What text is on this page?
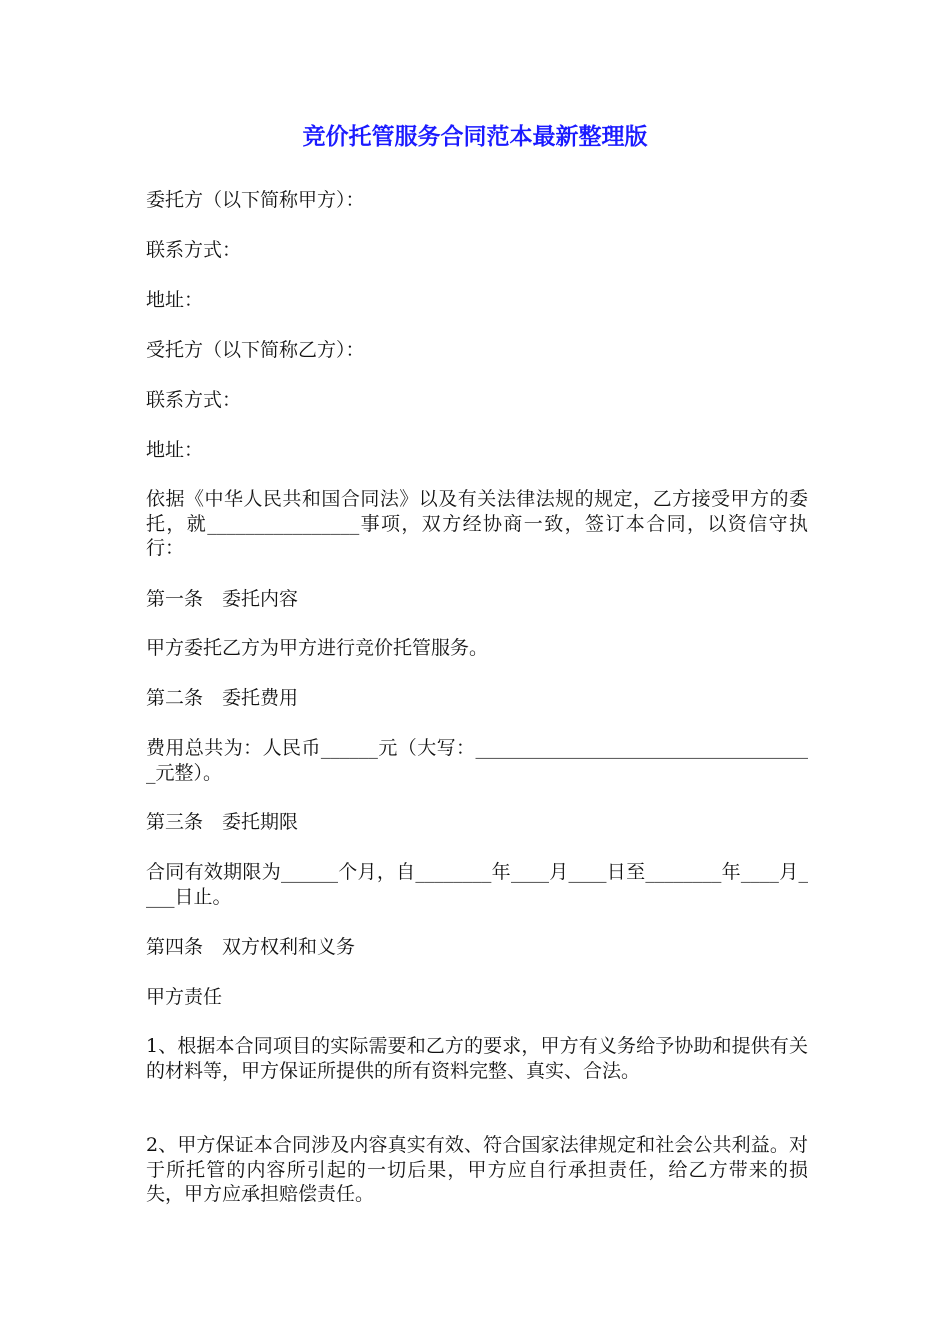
竞价托管服务合同范本最新整理版

委托方（以下简称甲方）：

联系方式：

地址：

受托方（以下简称乙方）：

联系方式：

地址：

依据《中华人民共和国合同法》以及有关法律法规的规定，乙方接受甲方的委托，就________________事项，双方经协商一致，签订本合同，以资信守执行：

第一条　委托内容

甲方委托乙方为甲方进行竞价托管服务。

第二条　委托费用

费用总共为：人民币______元（大写：____________________________________元整）。

第三条　委托期限

合同有效期限为______个月，自________年____月____日至________年____月____日止。

第四条　双方权利和义务

甲方责任

1、根据本合同项目的实际需要和乙方的要求，甲方有义务给予协助和提供有关的材料等，甲方保证所提供的所有资料完整、真实、合法。

2、甲方保证本合同涉及内容真实有效、符合国家法律规定和社会公共利益。对于所托管的内容所引起的一切后果，甲方应自行承担责任，给乙方带来的损失，甲方应承担赔偿责任。
